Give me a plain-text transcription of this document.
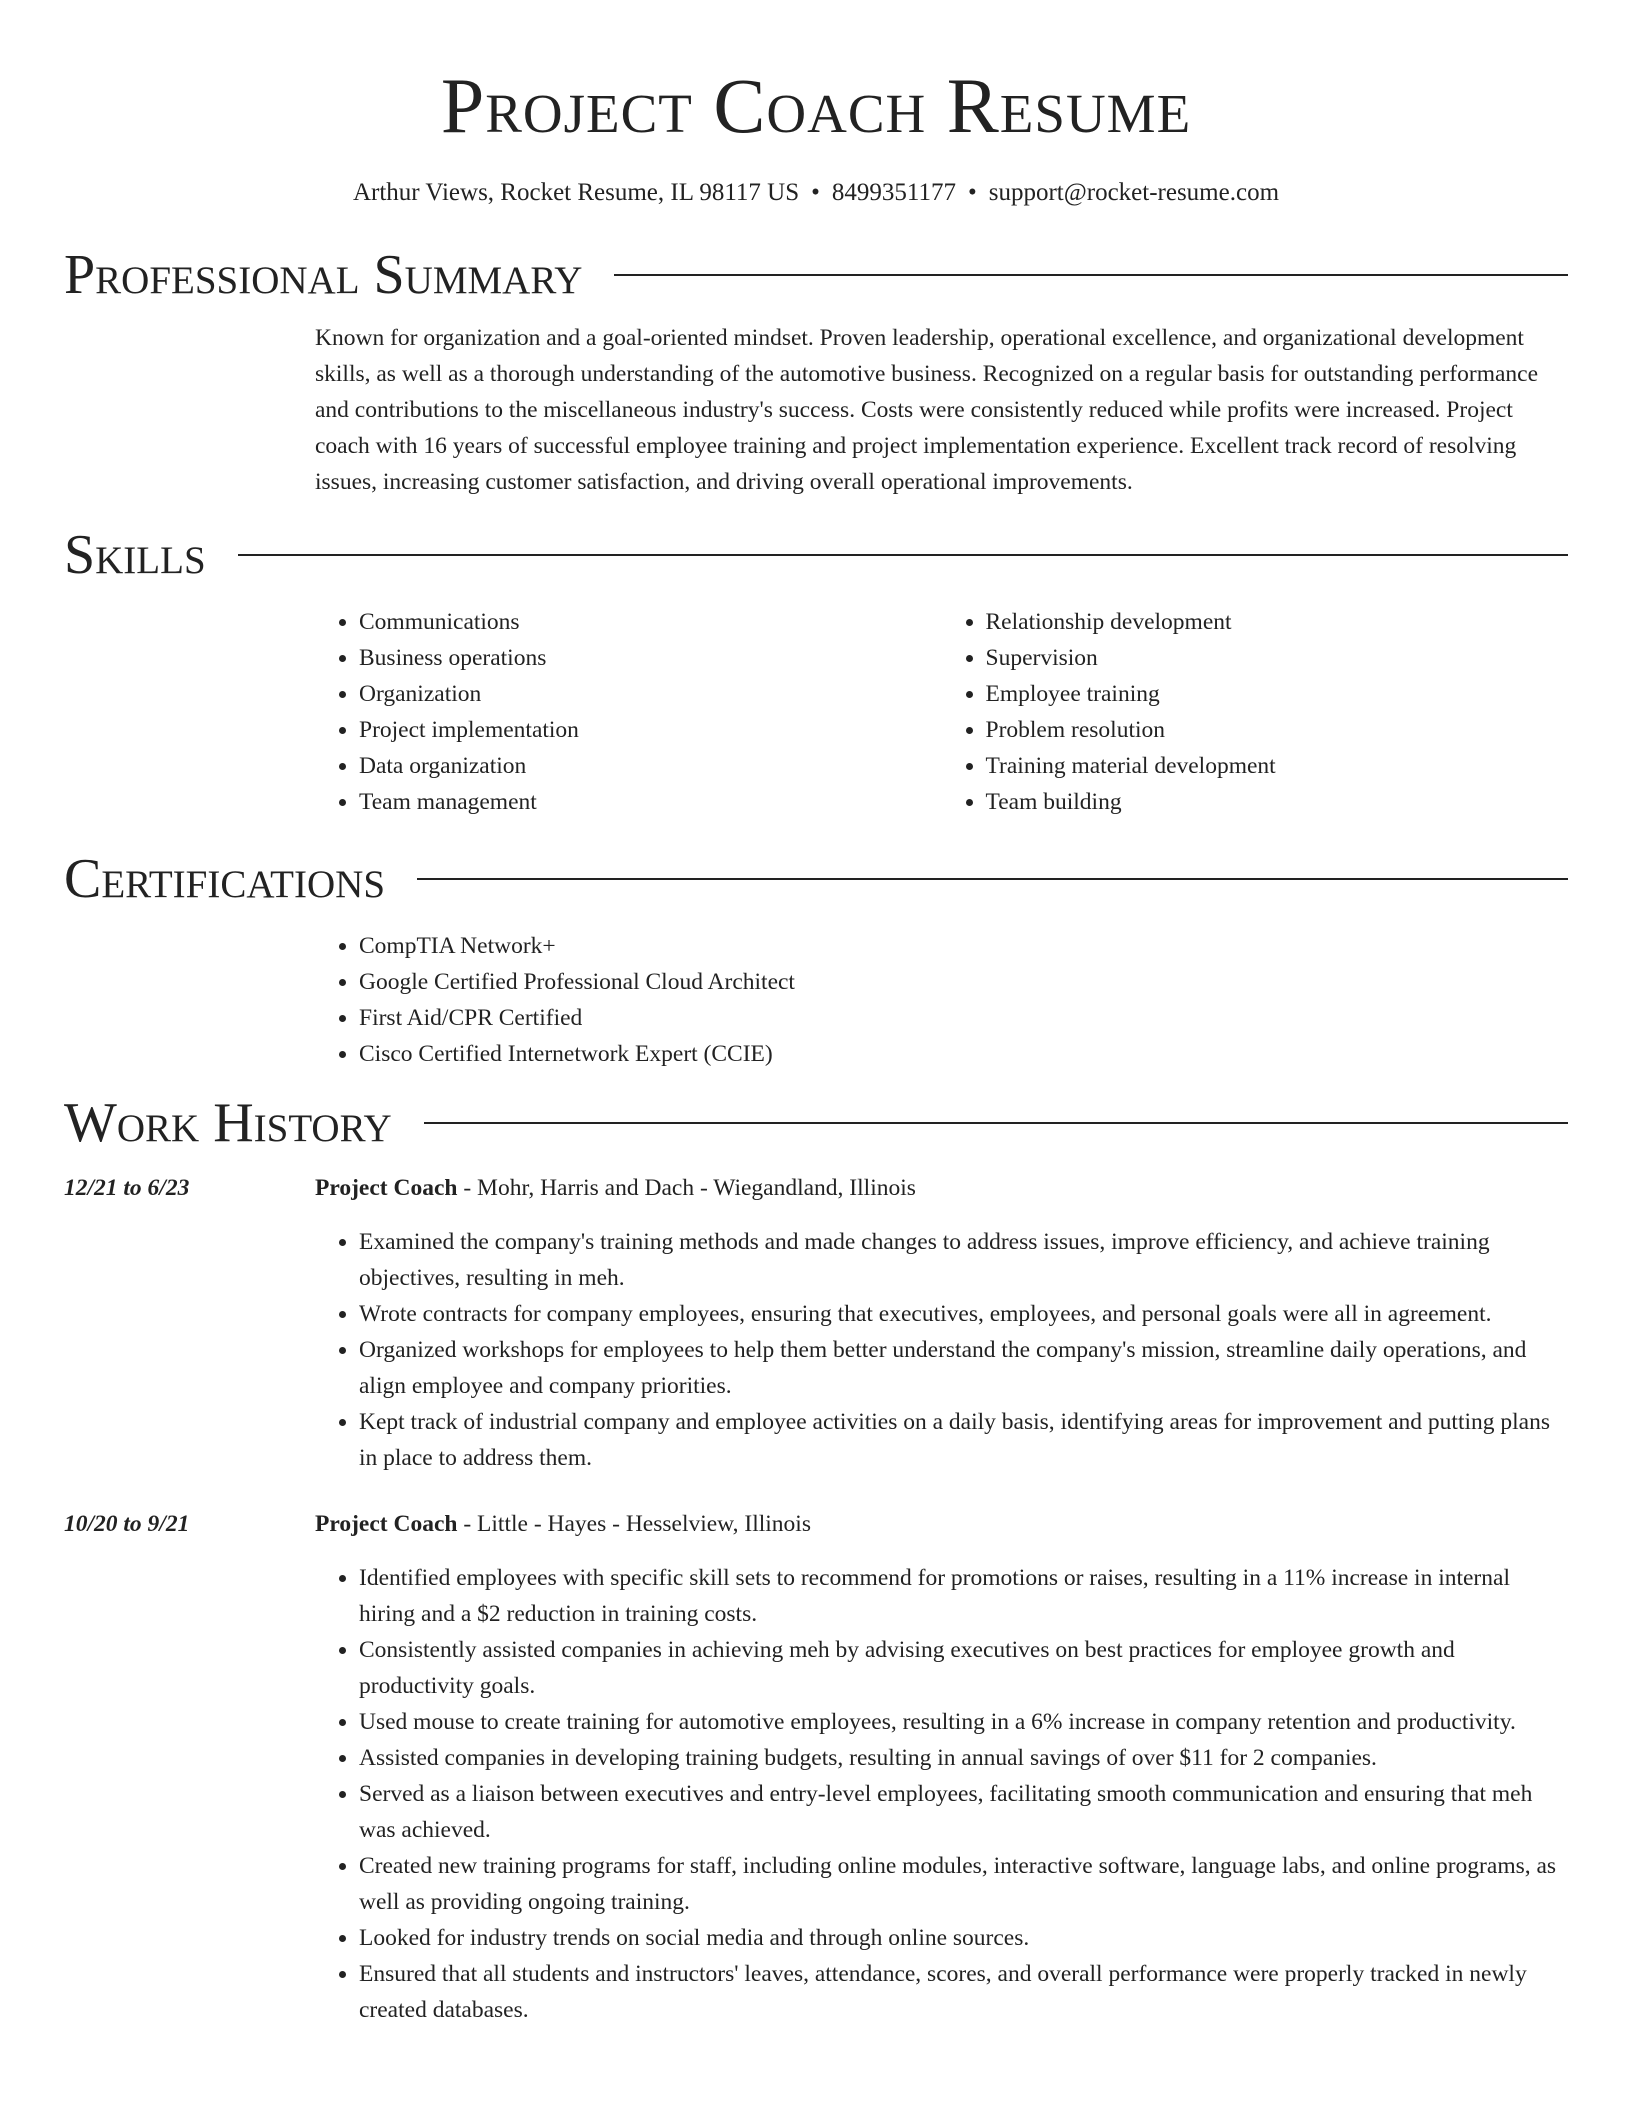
Project Coach Resume
Arthur Views, Rocket Resume, IL 98117 US • 8499351177 • support@rocket-resume.com
Professional Summary

Known for organization and a goal-oriented mindset. Proven leadership, operational excellence, and organizational development skills, as well as a thorough understanding of the automotive business. Recognized on a regular basis for outstanding performance and contributions to the miscellaneous industry's success. Costs were consistently reduced while profits were increased. Project coach with 16 years of successful employee training and project implementation experience. Excellent track record of resolving issues, increasing customer satisfaction, and driving overall operational improvements.

Skills
• Communications
• Business operations
• Organization
• Project implementation
• Data organization
• Team management
• Relationship development
• Supervision
• Employee training
• Problem resolution
• Training material development
• Team building
Certifications
• CompTIA Network+
• Google Certified Professional Cloud Architect
• First Aid/CPR Certified
• Cisco Certified Internetwork Expert (CCIE)
Work History
12/21 to 6/23	Project Coach - Mohr, Harris and Dach - Wiegandland, Illinois
• Examined the company's training methods and made changes to address issues, improve efficiency, and achieve training objectives, resulting in meh.
• Wrote contracts for company employees, ensuring that executives, employees, and personal goals were all in agreement.
• Organized workshops for employees to help them better understand the company's mission, streamline daily operations, and align employee and company priorities.
• Kept track of industrial company and employee activities on a daily basis, identifying areas for improvement and putting plans in place to address them.
10/20 to 9/21	Project Coach - Little - Hayes - Hesselview, Illinois
• Identified employees with specific skill sets to recommend for promotions or raises, resulting in a 11% increase in internal hiring and a $2 reduction in training costs.
• Consistently assisted companies in achieving meh by advising executives on best practices for employee growth and productivity goals.
• Used mouse to create training for automotive employees, resulting in a 6% increase in company retention and productivity.
• Assisted companies in developing training budgets, resulting in annual savings of over $11 for 2 companies.
• Served as a liaison between executives and entry-level employees, facilitating smooth communication and ensuring that meh was achieved.
• Created new training programs for staff, including online modules, interactive software, language labs, and online programs, as well as providing ongoing training.
• Looked for industry trends on social media and through online sources.
• Ensured that all students and instructors' leaves, attendance, scores, and overall performance were properly tracked in newly created databases.
